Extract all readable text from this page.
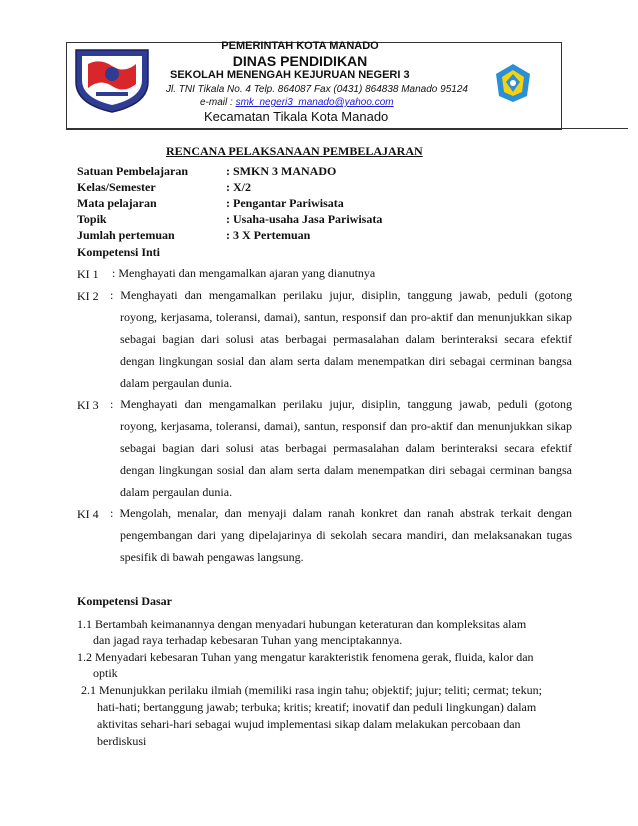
PEMERINTAH KOTA MANADO
DINAS PENDIDIKAN
SEKOLAH MENENGAH KEJURUAN NEGERI 3
Jl. TNI Tikala No. 4 Telp. 864087 Fax (0431) 864838 Manado 95124
e-mail : smk_negeri3_manado@yahoo.com
Kecamatan Tikala Kota Manado
RENCANA PELAKSANAAN PEMBELAJARAN
Satuan Pembelajaran	: SMKN 3 MANADO
Kelas/Semester	: X/2
Mata pelajaran	: Pengantar Pariwisata
Topik	: Usaha-usaha Jasa Pariwisata
Jumlah pertemuan	: 3 X Pertemuan
Kompetensi Inti
KI 1 : Menghayati dan mengamalkan ajaran yang dianutnya
KI 2 : Menghayati dan mengamalkan perilaku jujur, disiplin, tanggung jawab, peduli (gotong royong, kerjasama, toleransi, damai), santun, responsif dan pro-aktif dan menunjukkan sikap sebagai bagian dari solusi atas berbagai permasalahan dalam berinteraksi secara efektif dengan lingkungan sosial dan alam serta dalam menempatkan diri sebagai cerminan bangsa dalam pergaulan dunia.
KI 3 : Menghayati dan mengamalkan perilaku jujur, disiplin, tanggung jawab, peduli (gotong royong, kerjasama, toleransi, damai), santun, responsif dan pro-aktif dan menunjukkan sikap sebagai bagian dari solusi atas berbagai permasalahan dalam berinteraksi secara efektif dengan lingkungan sosial dan alam serta dalam menempatkan diri sebagai cerminan bangsa dalam pergaulan dunia.
KI 4 : Mengolah, menalar, dan menyaji dalam ranah konkret dan ranah abstrak terkait dengan pengembangan dari yang dipelajarinya di sekolah secara mandiri, dan melaksanakan tugas spesifik di bawah pengawas langsung.
Kompetensi Dasar
1.1 Bertambah keimanannya dengan menyadari hubungan keteraturan dan kompleksitas alam
dan jagad raya terhadap kebesaran Tuhan yang menciptakannya.
1.2 Menyadari kebesaran Tuhan yang mengatur karakteristik fenomena gerak, fluida, kalor dan
optik
2.1 Menunjukkan perilaku ilmiah (memiliki rasa ingin tahu; objektif; jujur; teliti; cermat; tekun;
hati-hati; bertanggung jawab; terbuka; kritis; kreatif; inovatif dan peduli lingkungan) dalam
aktivitas sehari-hari sebagai wujud implementasi sikap dalam melakukan percobaan dan
berdiskusi
